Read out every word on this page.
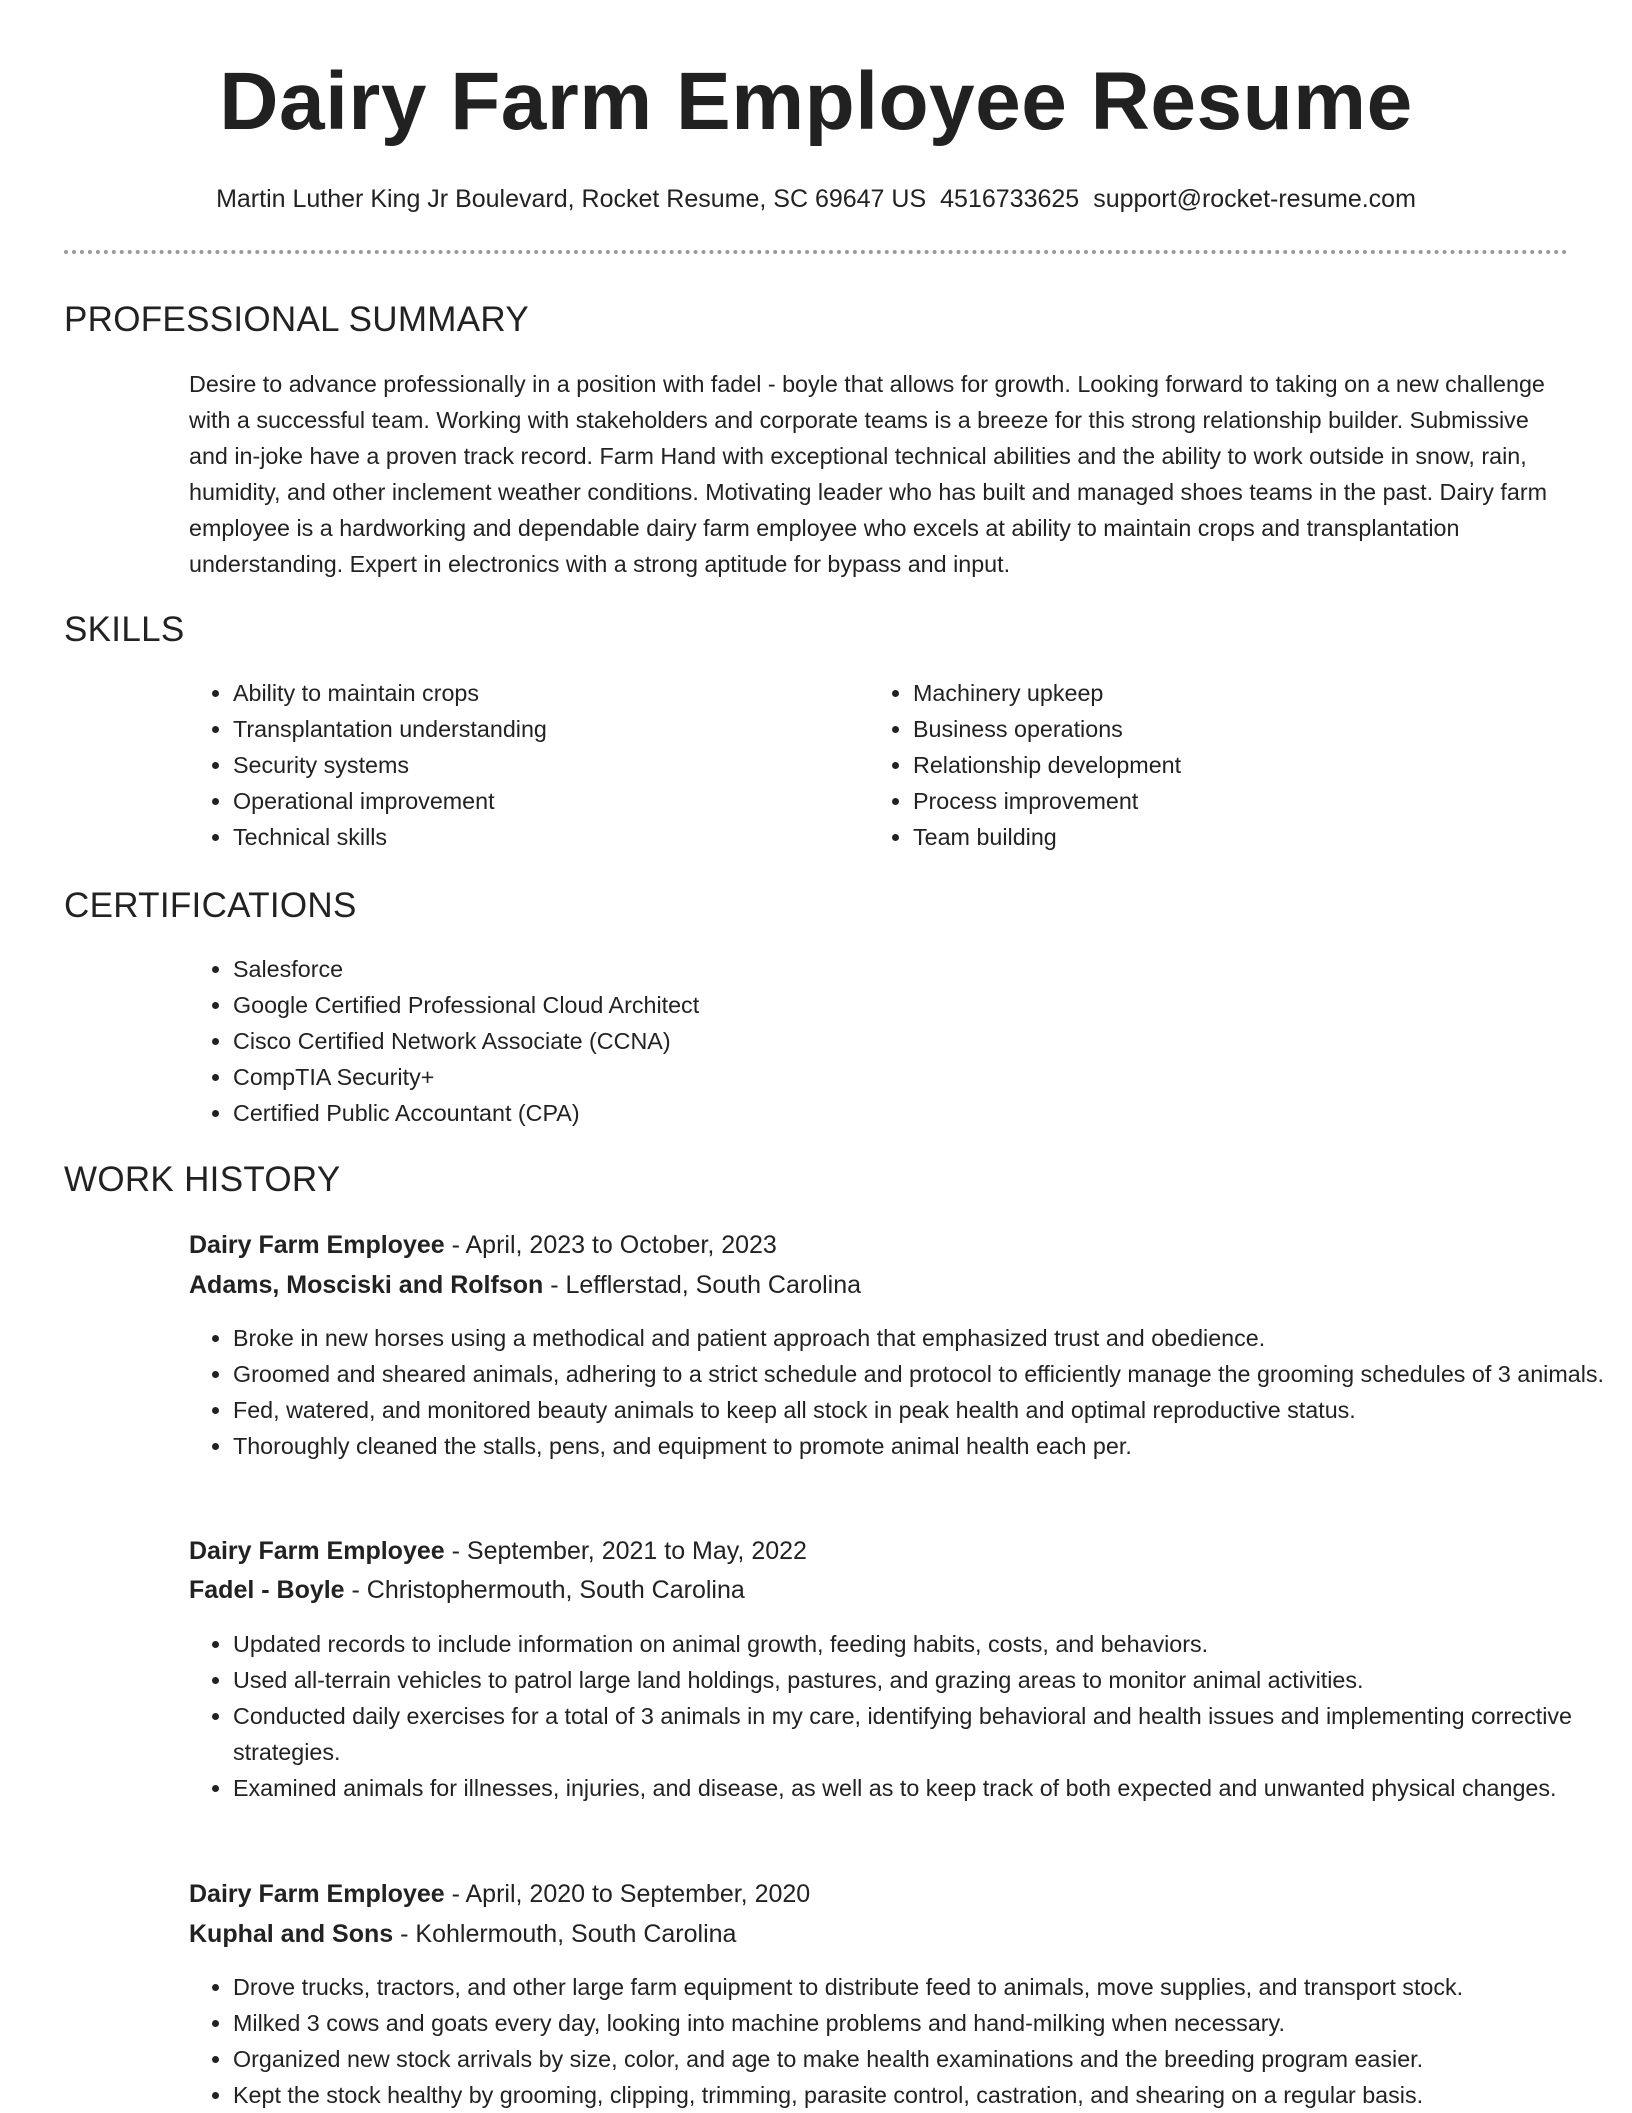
Dairy Farm Employee Resume
Martin Luther King Jr Boulevard, Rocket Resume, SC 69647 US 4516733625 support@rocket-resume.com
PROFESSIONAL SUMMARY

Desire to advance professionally in a position with fadel - boyle that allows for growth. Looking forward to taking on a new challenge with a successful team. Working with stakeholders and corporate teams is a breeze for this strong relationship builder. Submissive and in-joke have a proven track record. Farm Hand with exceptional technical abilities and the ability to work outside in snow, rain, humidity, and other inclement weather conditions. Motivating leader who has built and managed shoes teams in the past. Dairy farm employee is a hardworking and dependable dairy farm employee who excels at ability to maintain crops and transplantation understanding. Expert in electronics with a strong aptitude for bypass and input.

SKILLS
• Ability to maintain crops
• Transplantation understanding
• Security systems
• Operational improvement
• Technical skills
• Machinery upkeep
• Business operations
• Relationship development
• Process improvement
• Team building
CERTIFICATIONS
• Salesforce
• Google Certified Professional Cloud Architect
• Cisco Certified Network Associate (CCNA)
• CompTIA Security+
• Certified Public Accountant (CPA)
WORK HISTORY
Dairy Farm Employee - April, 2023 to October, 2023
Adams, Mosciski and Rolfson - Lefflerstad, South Carolina
• Broke in new horses using a methodical and patient approach that emphasized trust and obedience.
• Groomed and sheared animals, adhering to a strict schedule and protocol to efficiently manage the grooming schedules of 3 animals.
• Fed, watered, and monitored beauty animals to keep all stock in peak health and optimal reproductive status.
• Thoroughly cleaned the stalls, pens, and equipment to promote animal health each per.
Dairy Farm Employee - September, 2021 to May, 2022
Fadel - Boyle - Christophermouth, South Carolina
• Updated records to include information on animal growth, feeding habits, costs, and behaviors.
• Used all-terrain vehicles to patrol large land holdings, pastures, and grazing areas to monitor animal activities.
• Conducted daily exercises for a total of 3 animals in my care, identifying behavioral and health issues and implementing corrective strategies.
• Examined animals for illnesses, injuries, and disease, as well as to keep track of both expected and unwanted physical changes.
Dairy Farm Employee - April, 2020 to September, 2020
Kuphal and Sons - Kohlermouth, South Carolina
• Drove trucks, tractors, and other large farm equipment to distribute feed to animals, move supplies, and transport stock.
• Milked 3 cows and goats every day, looking into machine problems and hand-milking when necessary.
• Organized new stock arrivals by size, color, and age to make health examinations and the breeding program easier.
• Kept the stock healthy by grooming, clipping, trimming, parasite control, castration, and shearing on a regular basis.
